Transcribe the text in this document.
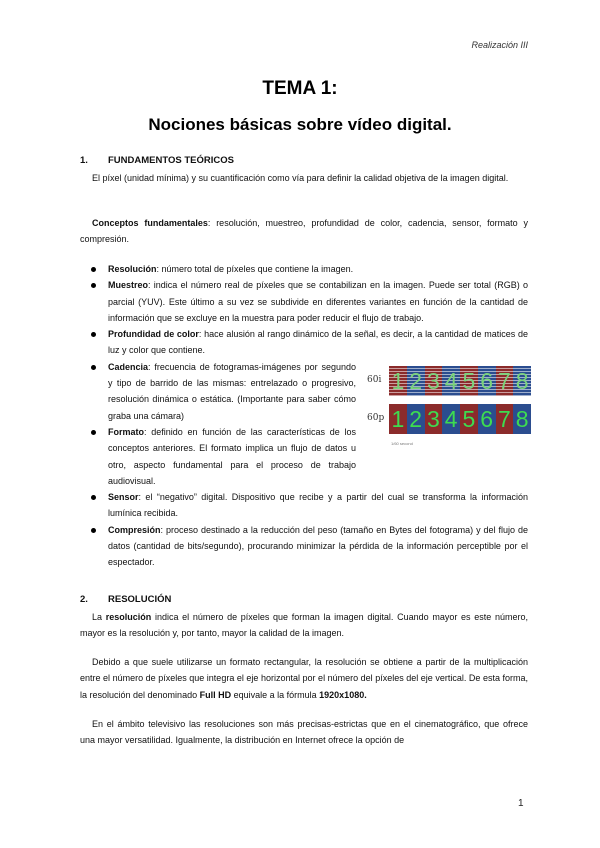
Realización III
TEMA 1:
Nociones básicas sobre vídeo digital.
1. FUNDAMENTOS TEÓRICOS
El píxel (unidad mínima) y su cuantificación como vía para definir la calidad objetiva de la imagen digital.
Conceptos fundamentales: resolución, muestreo, profundidad de color, cadencia, sensor, formato y compresión.
Resolución: número total de píxeles que contiene la imagen.
Muestreo: indica el número real de píxeles que se contabilizan en la imagen. Puede ser total (RGB) o parcial (YUV). Este último a su vez se subdivide en diferentes variantes en función de la cantidad de información que se excluye en la muestra para poder reducir el flujo de trabajo.
Profundidad de color: hace alusión al rango dinámico de la señal, es decir, a la cantidad de matices de luz y color que contiene.
Cadencia: frecuencia de fotogramas-imágenes por segundo y tipo de barrido de las mismas: entrelazado o progresivo, resolución dinámica o estática. (Importante para saber cómo graba una cámara)
Formato: definido en función de las características de los conceptos anteriores. El formato implica un flujo de datos u otro, aspecto fundamental para el proceso de trabajo audiovisual.
Sensor: el “negativo” digital. Dispositivo que recibe y a partir del cual se transforma la información lumínica recibida.
Compresión: proceso destinado a la reducción del peso (tamaño en Bytes del fotograma) y del flujo de datos (cantidad de bits/segundo), procurando minimizar la pérdida de la información perceptible por el espectador.
60i 1 2 3 4 5 6 7 8
60p 1 2 3 4 5 6 7 8
1/60 second
2. RESOLUCIÓN
La resolución indica el número de píxeles que forman la imagen digital. Cuando mayor es este número, mayor es la resolución y, por tanto, mayor la calidad de la imagen.
Debido a que suele utilizarse un formato rectangular, la resolución se obtiene a partir de la multiplicación entre el número de píxeles que integra el eje horizontal por el número del píxeles del eje vertical. De esta forma, la resolución del denominado Full HD equivale a la fórmula 1920x1080.
En el ámbito televisivo las resoluciones son más precisas-estrictas que en el cinematográfico, que ofrece una mayor versatilidad. Igualmente, la distribución en Internet ofrece la opción de
1
